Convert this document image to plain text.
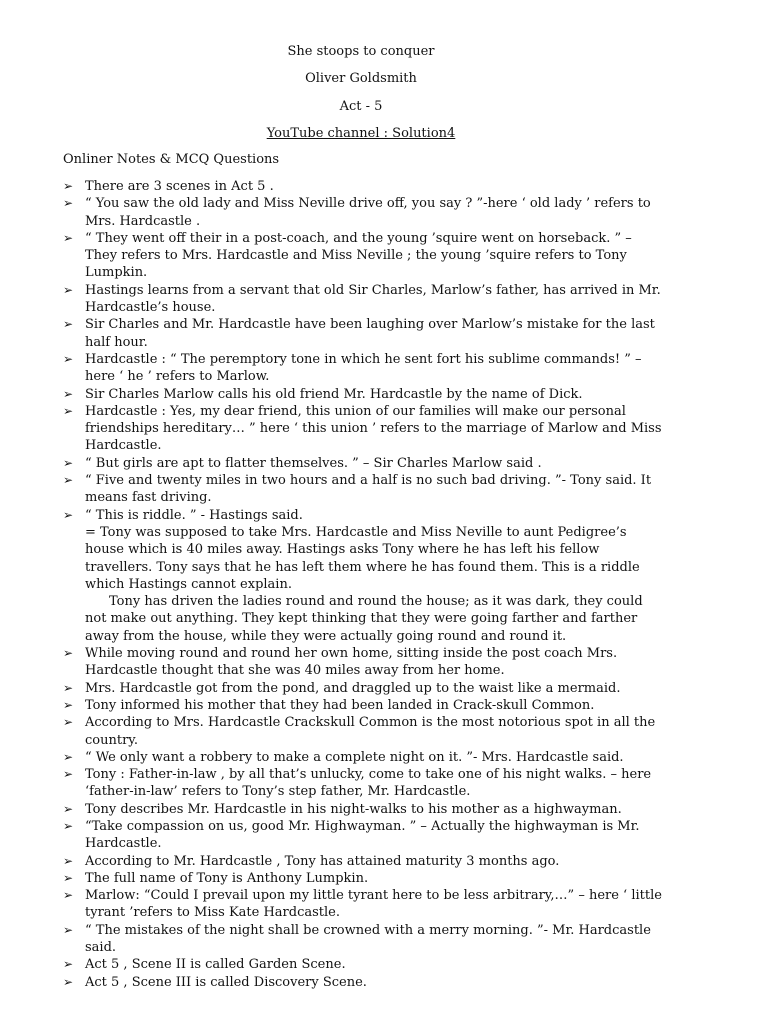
She stoops to conquer
Oliver Goldsmith
Act - 5
YouTube channel : Solution4
Onliner Notes & MCQ Questions
➢ There are 3 scenes in Act 5 .
➢ “ You saw the old lady and Miss Neville drive off, you say ? ”-here ‘ old lady ’ refers to Mrs. Hardcastle .
➢ “ They went off their in a post-coach, and the young ’squire went on horseback. ” – They refers to Mrs. Hardcastle and Miss Neville ; the young ’squire refers to Tony Lumpkin.
➢ Hastings learns from a servant that old Sir Charles, Marlow’s father, has arrived in Mr. Hardcastle’s house.
➢ Sir Charles and Mr. Hardcastle have been laughing over Marlow’s mistake for the last half hour.
➢ Hardcastle : “ The peremptory tone in which he sent fort his sublime commands! ” – here ‘ he ’ refers to Marlow.
➢ Sir Charles Marlow calls his old friend Mr. Hardcastle by the name of Dick.
➢ Hardcastle : Yes, my dear friend, this union of our families will make our personal friendships hereditary… ” here ‘ this union ’ refers to the marriage of Marlow and Miss Hardcastle.
➢ “ But girls are apt to flatter themselves. ” – Sir Charles Marlow said .
➢ “ Five and twenty miles in two hours and a half is no such bad driving. ”- Tony said. It means fast driving.
➢ “ This is riddle. ” - Hastings said.
= Tony was supposed to take Mrs. Hardcastle and Miss Neville to aunt Pedigree’s house which is 40 miles away. Hastings asks Tony where he has left his fellow travellers. Tony says that he has left them where he has found them. This is a riddle which Hastings cannot explain.
Tony has driven the ladies round and round the house; as it was dark, they could not make out anything. They kept thinking that they were going farther and farther away from the house, while they were actually going round and round it.
➢ While moving round and round her own home, sitting inside the post coach Mrs. Hardcastle thought that she was 40 miles away from her home.
➢ Mrs. Hardcastle got from the pond, and draggled up to the waist like a mermaid.
➢ Tony informed his mother that they had been landed in Crack-skull Common.
➢ According to Mrs. Hardcastle Crackskull Common is the most notorious spot in all the country.
➢ “ We only want a robbery to make a complete night on it. ”- Mrs. Hardcastle said.
➢ Tony : Father-in-law , by all that’s unlucky, come to take one of his night walks. – here ‘father-in-law’ refers to Tony’s step father, Mr. Hardcastle.
➢ Tony describes Mr. Hardcastle in his night-walks to his mother as a highwayman.
➢ “Take compassion on us, good Mr. Highwayman. ” – Actually the highwayman is Mr. Hardcastle.
➢ According to Mr. Hardcastle , Tony has attained maturity 3 months ago.
➢ The full name of Tony is Anthony Lumpkin.
➢ Marlow: “Could I prevail upon my little tyrant here to be less arbitrary,…” – here ‘ little tyrant ’refers to Miss Kate Hardcastle.
➢ “ The mistakes of the night shall be crowned with a merry morning. ”- Mr. Hardcastle said.
➢ Act 5 , Scene II is called Garden Scene.
➢ Act 5 , Scene III is called Discovery Scene.
